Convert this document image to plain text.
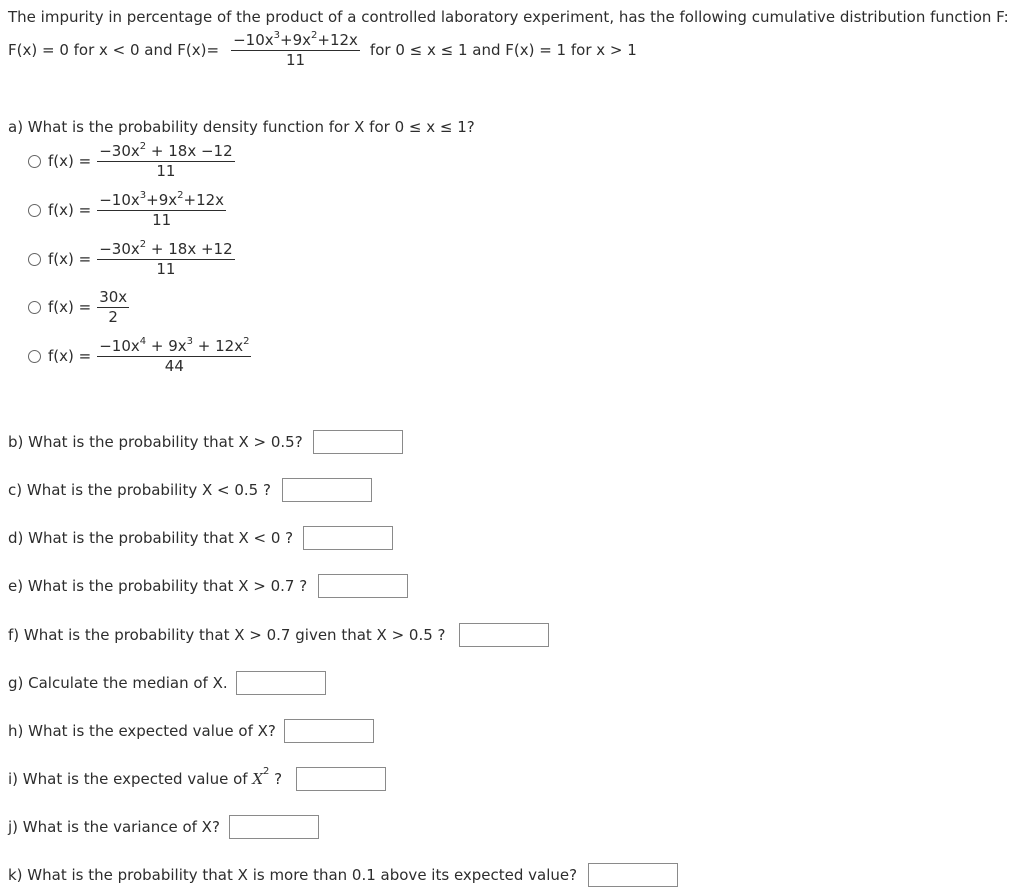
The impurity in percentage of the product of a controlled laboratory experiment, has the following cumulative distribution function F:
F(x) = 0 for x < 0 and $F(x)= \frac{-10x^3+9x^2+12x}{11}$ for 0 ≤ x ≤ 1 and F(x) = 1 for x > 1
a) What is the probability density function for X for 0 ≤ x ≤ 1?
$f(x) = \frac{-30x^2 + 18x -12}{11}$
$f(x) = \frac{-10x^3+9x^2+12x}{11}$
$f(x) = \frac{-30x^2 + 18x +12}{11}$
$f(x) = \frac{30x}{2}$
$f(x) = \frac{-10x^4 + 9x^3 + 12x^2}{44}$
b) What is the probability that X > 0.5?
c) What is the probability X < 0.5 ?
d) What is the probability that X < 0 ?
e) What is the probability that X > 0.7 ?
f) What is the probability that X > 0.7 given that X > 0.5 ?
g) Calculate the median of X.
h) What is the expected value of X?
i) What is the expected value of $X^2$ ?
j) What is the variance of X?
k) What is the probability that X is more than 0.1 above its expected value?
